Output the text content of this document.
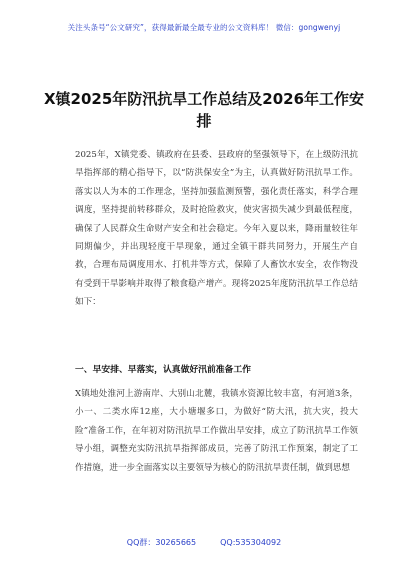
关注头条号“公文研究”，获得最新最全最专业的公文资料库！ 微信：gongwenyj
X镇2025年防汛抗旱工作总结及2026年工作安排
2025年，X镇党委、镇政府在县委、县政府的坚强领导下，在上级防汛抗旱指挥部的精心指导下，以“防洪保安全”为主，认真做好防汛抗旱工作。落实以人为本的工作理念，坚持加强监测预警，强化责任落实，科学合理调度，坚持提前转移群众，及时抢险救灾，使灾害损失减少到最低程度，确保了人民群众生命财产安全和社会稳定。今年入夏以来，降雨量较往年同期偏少，并出现轻度干旱现象，通过全镇干群共同努力，开展生产自救，合理布局调度用水、打机井等方式，保障了人畜饮水安全，农作物没有受到干旱影响并取得了粮食稳产增产。现将2025年度防汛抗旱工作总结如下：
一、早安排、早落实，认真做好汛前准备工作
X镇地处淮河上游南岸、大别山北麓，我镇水资源比较丰富，有河道3条，小一、二类水库12座，大小塘堰多口，为做好“防大汛，抗大灾，投大险”准备工作，在年初对防汛抗旱工作做出早安排，成立了防汛抗旱工作领导小组，调整充实防汛抗旱指挥部成员，完善了防汛工作预案，制定了工作措施，进一步全面落实以主要领导为核心的防汛抗旱责任制，做到思想
QQ群：30265665	QQ:535304092
